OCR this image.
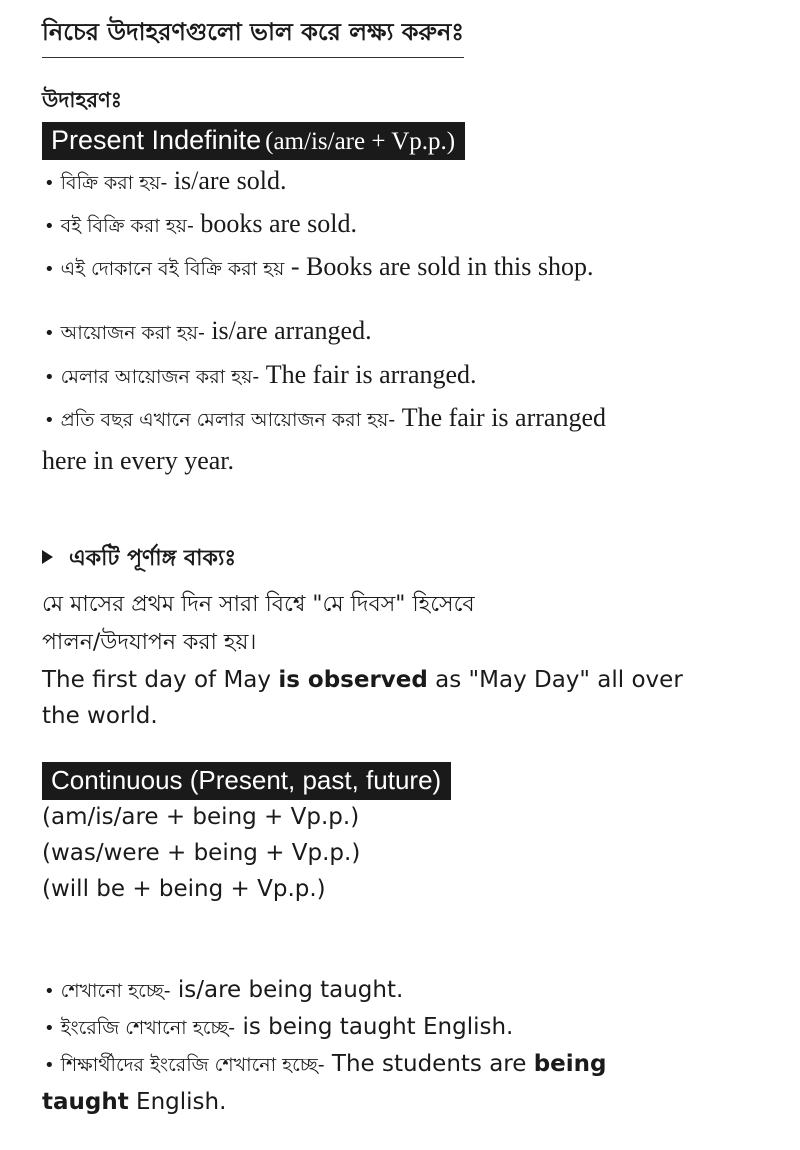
নিচের উদাহরণগুলো ভাল করে লক্ষ্য করুনঃ
উদাহরণঃ
Present Indefinite (am/is/are + Vp.p.)
• বিক্রি করা হয়- is/are sold.
• বই বিক্রি করা হয়- books are sold.
• এই দোকানে বই বিক্রি করা হয় - Books are sold in this shop.
• আয়োজন করা হয়- is/are arranged.
• মেলার আয়োজন করা হয়- The fair is arranged.
• প্রতি বছর এখানে মেলার আয়োজন করা হয়- The fair is arranged
here in every year.
একটি পূর্ণাঙ্গ বাক্যঃ
মে মাসের প্রথম দিন সারা বিশ্বে "মে দিবস" হিসেবে
পালন/উদযাপন করা হয়।
The first day of May is observed as "May Day" all over
the world.
Continuous (Present, past, future)
(am/is/are + being + Vp.p.)
(was/were + being + Vp.p.)
(will be + being + Vp.p.)
• শেখানো হচ্ছে- is/are being taught.
• ইংরেজি শেখানো হচ্ছে- is being taught English.
• শিক্ষার্থীদের ইংরেজি শেখানো হচ্ছে- The students are being
taught English.
